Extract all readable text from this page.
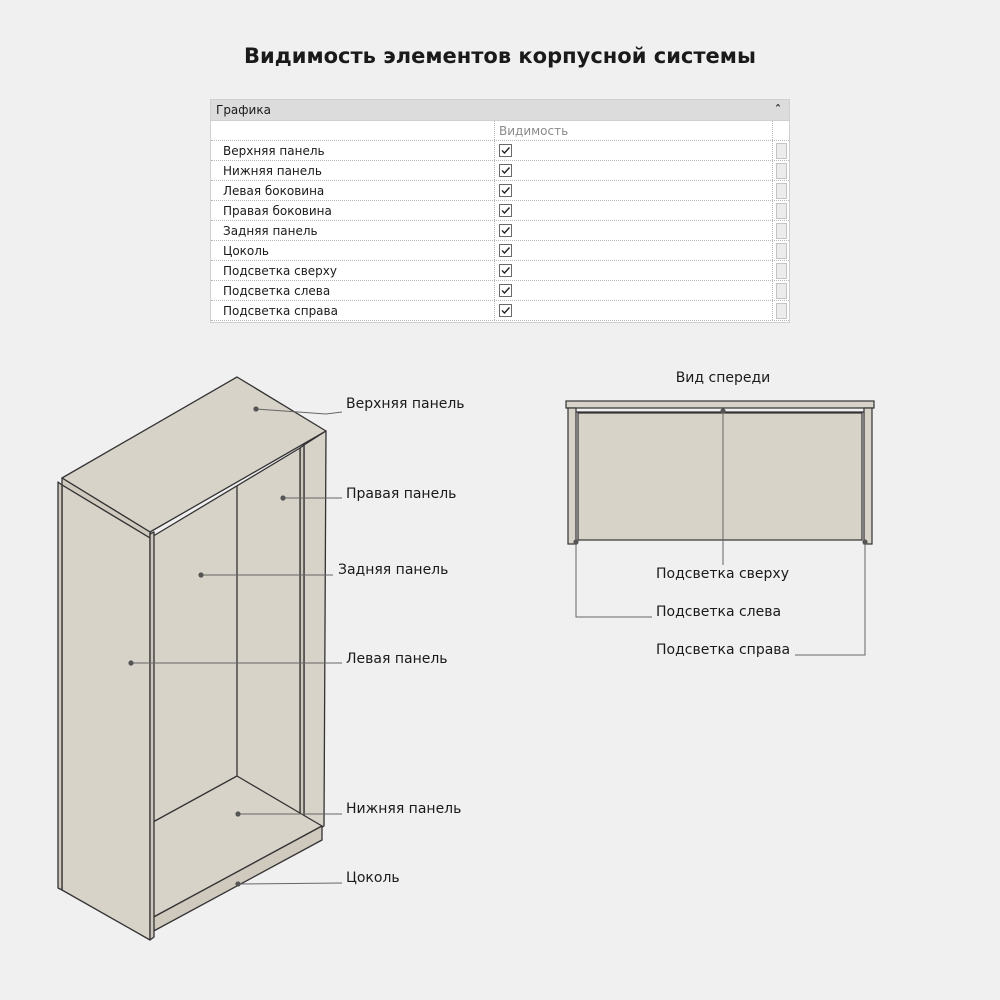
Видимость элементов корпусной системы
Графика	ˆ
Видимость
Верхняя панель
Нижняя панель
Левая боковина
Правая боковина
Задняя панель
Цоколь
Подсветка сверху
Подсветка слева
Подсветка справа
Верхняя панель
Правая панель
Задняя панель
Левая панель
Нижняя панель
Цоколь
Вид спереди
Подсветка сверху
Подсветка слева
Подсветка справа
